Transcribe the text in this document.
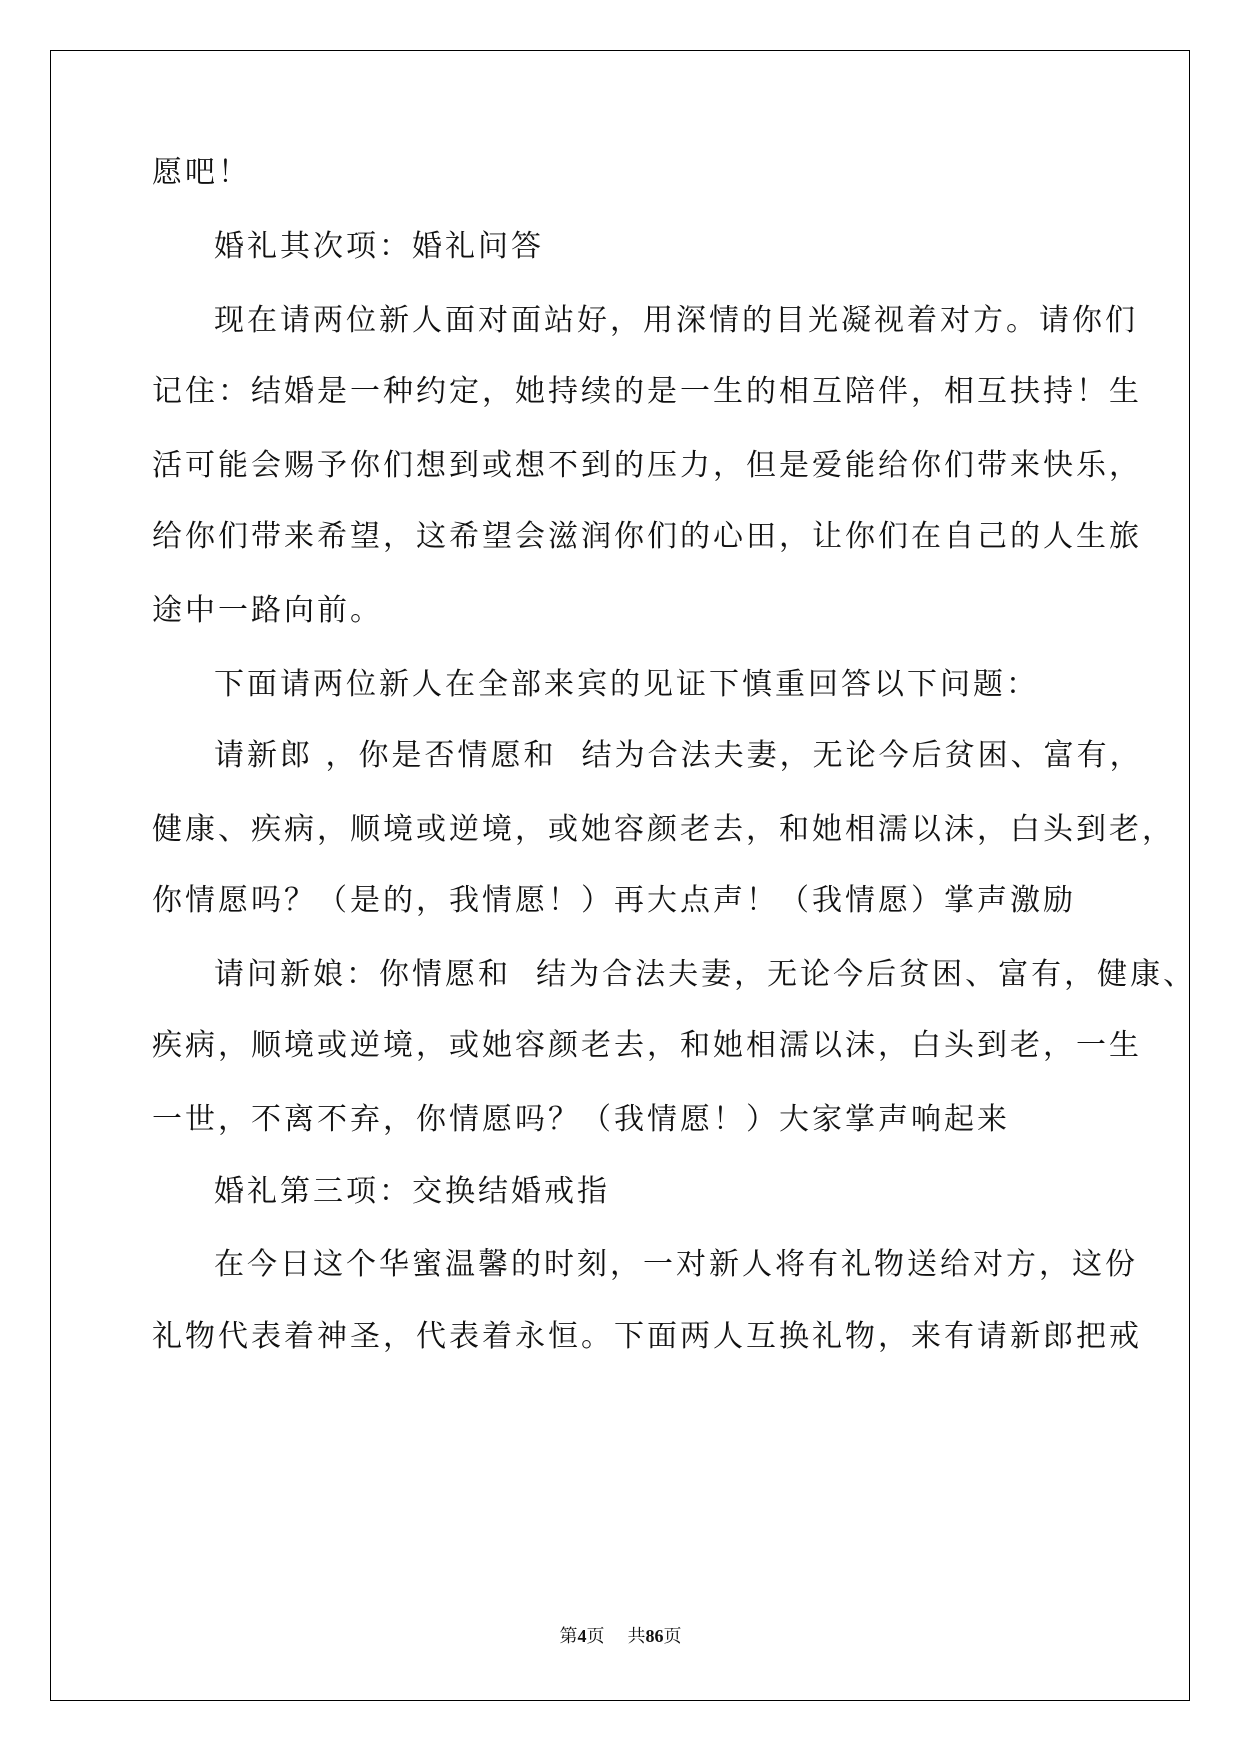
愿吧！
婚礼其次项：婚礼问答
现在请两位新人面对面站好，用深情的目光凝视着对方。请你们
记住：结婚是一种约定，她持续的是一生的相互陪伴，相互扶持！生
活可能会赐予你们想到或想不到的压力，但是爱能给你们带来快乐，
给你们带来希望，这希望会滋润你们的心田，让你们在自己的人生旅
途中一路向前。
下面请两位新人在全部来宾的见证下慎重回答以下问题：
请新郎 ，你是否情愿和  结为合法夫妻，无论今后贫困、富有，
健康、疾病，顺境或逆境，或她容颜老去，和她相濡以沫，白头到老，
你情愿吗？（是的，我情愿！）再大点声！（我情愿）掌声激励
请问新娘：你情愿和  结为合法夫妻，无论今后贫困、富有，健康、
疾病，顺境或逆境，或她容颜老去，和她相濡以沫，白头到老，一生
一世，不离不弃，你情愿吗？（我情愿！）大家掌声响起来
婚礼第三项：交换结婚戒指
在今日这个华蜜温馨的时刻，一对新人将有礼物送给对方，这份
礼物代表着神圣，代表着永恒。下面两人互换礼物，来有请新郎把戒
第4页 共86页
